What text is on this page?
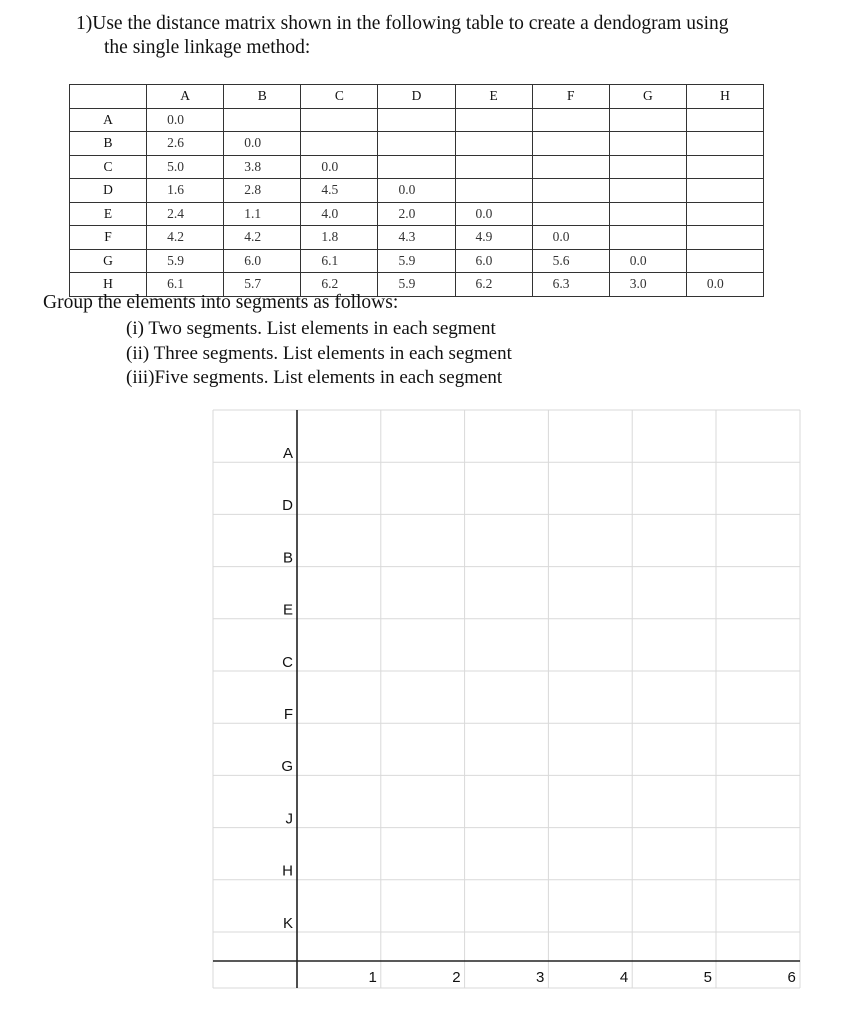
1)Use the distance matrix shown in the following table to create a dendogram using
the single linkage method:
	A	B	C	D	E	F	G	H
A	0.0							
B	2.6	0.0						
C	5.0	3.8	0.0					
D	1.6	2.8	4.5	0.0				
E	2.4	1.1	4.0	2.0	0.0			
F	4.2	4.2	1.8	4.3	4.9	0.0		
G	5.9	6.0	6.1	5.9	6.0	5.6	0.0	
H	6.1	5.7	6.2	5.9	6.2	6.3	3.0	0.0
Group the elements into segments as follows:
(i) Two segments. List elements in each segment
(ii) Three segments. List elements in each segment
(iii)Five segments. List elements in each segment
A
D
B
E
C
F
G
J
H
K
1	2	3	4	5	6
